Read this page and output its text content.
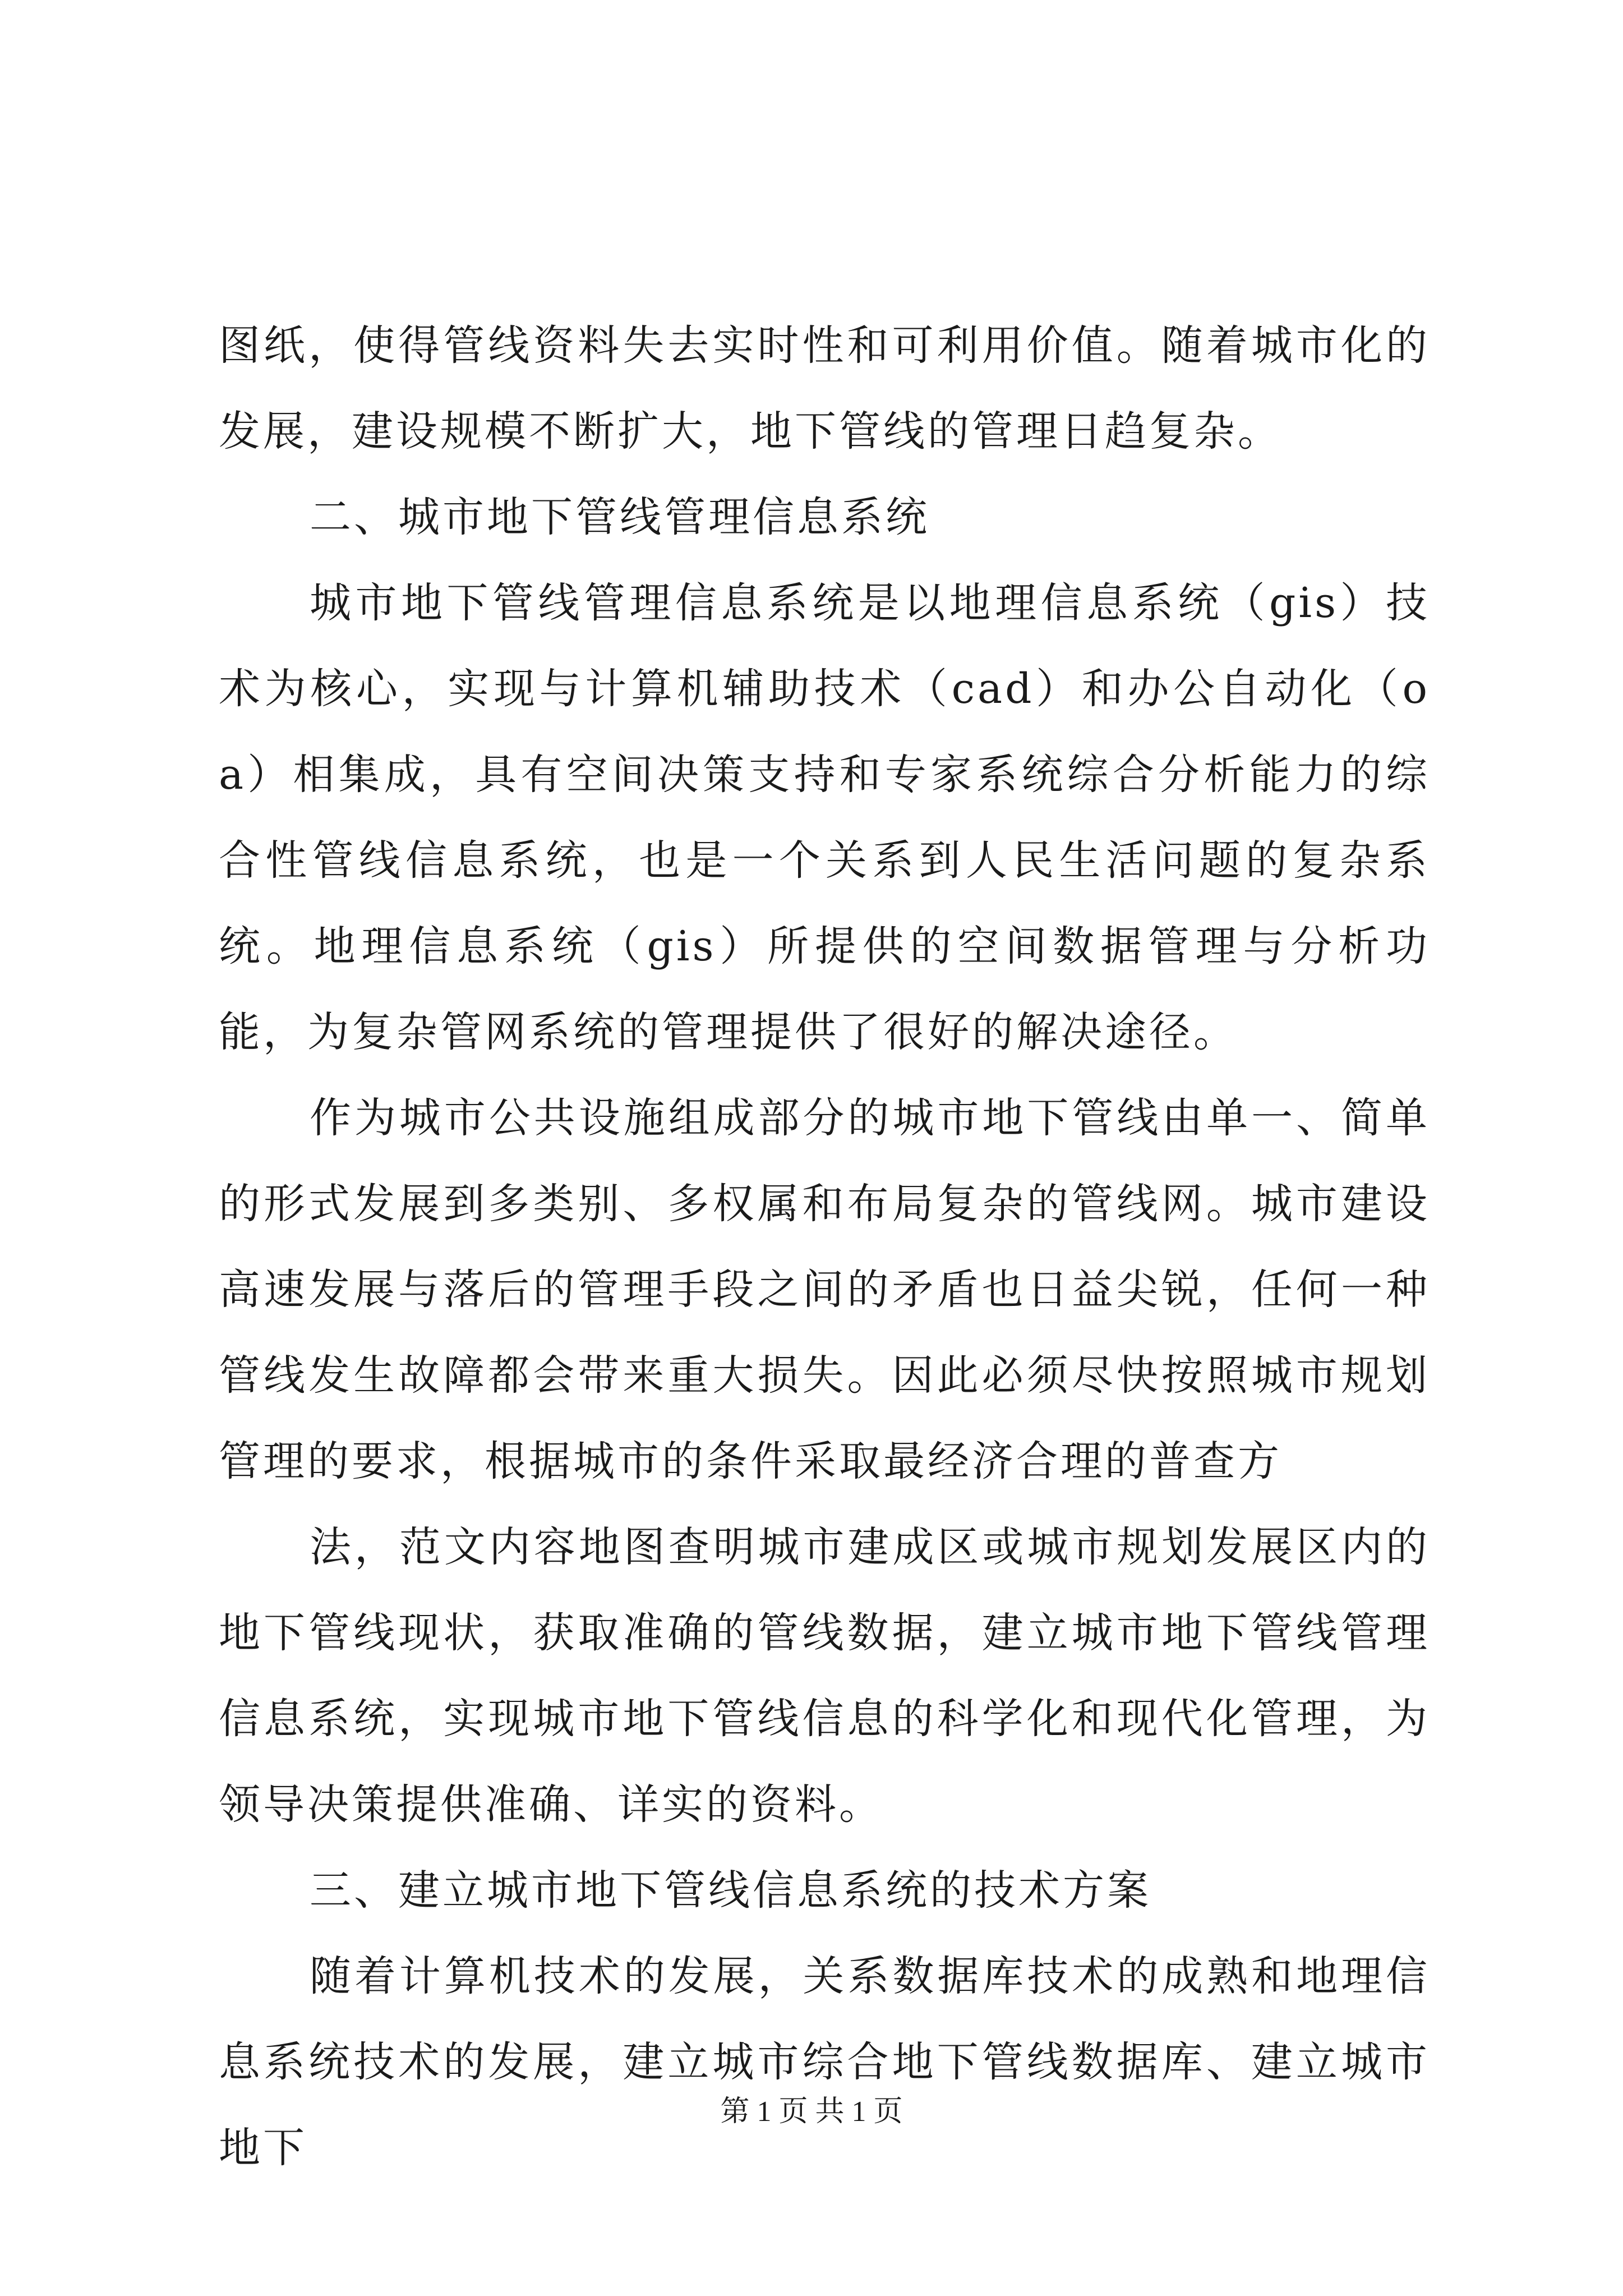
图纸，使得管线资料失去实时性和可利用价值。随着城市化的发展，建设规模不断扩大，地下管线的管理日趋复杂。

二、城市地下管线管理信息系统

城市地下管线管理信息系统是以地理信息系统（gis）技术为核心，实现与计算机辅助技术（cad）和办公自动化（oa）相集成，具有空间决策支持和专家系统综合分析能力的综合性管线信息系统，也是一个关系到人民生活问题的复杂系统。地理信息系统（gis）所提供的空间数据管理与分析功能，为复杂管网系统的管理提供了很好的解决途径。

作为城市公共设施组成部分的城市地下管线由单一、简单的形式发展到多类别、多权属和布局复杂的管线网。城市建设高速发展与落后的管理手段之间的矛盾也日益尖锐，任何一种管线发生故障都会带来重大损失。因此必须尽快按照城市规划管理的要求，根据城市的条件采取最经济合理的普查方

法，范文内容地图查明城市建成区或城市规划发展区内的地下管线现状，获取准确的管线数据，建立城市地下管线管理信息系统，实现城市地下管线信息的科学化和现代化管理，为领导决策提供准确、详实的资料。

三、建立城市地下管线信息系统的技术方案

随着计算机技术的发展，关系数据库技术的成熟和地理信息系统技术的发展，建立城市综合地下管线数据库、建立城市地下

第 1 页 共 1 页
